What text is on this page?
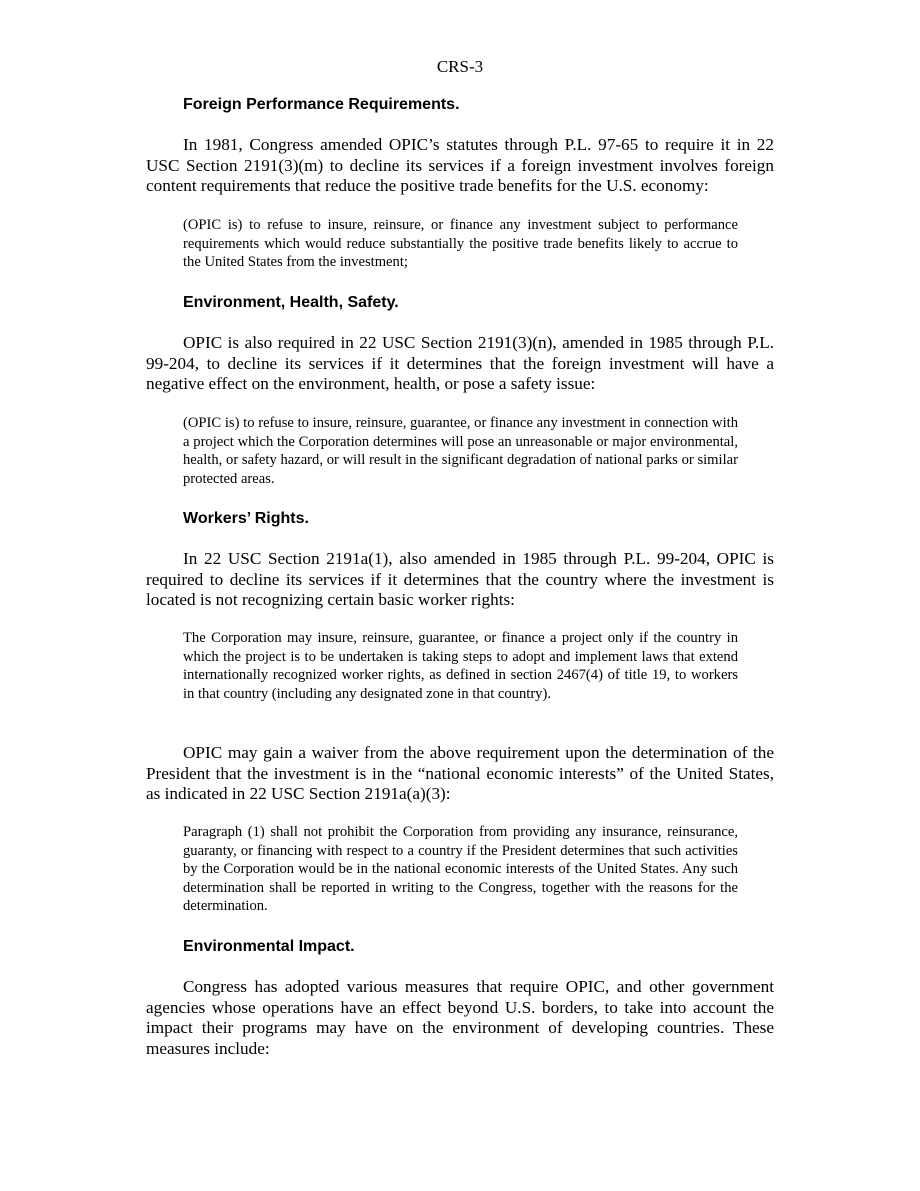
CRS-3
Foreign Performance Requirements.

In 1981, Congress amended OPIC’s statutes through P.L. 97-65 to require it in 22 USC Section 2191(3)(m) to decline its services if a foreign investment involves foreign content requirements that reduce the positive trade benefits for the U.S. economy:

(OPIC is) to refuse to insure, reinsure, or finance any investment subject to performance requirements which would reduce substantially the positive trade benefits likely to accrue to the United States from the investment;

Environment, Health, Safety.

OPIC is also required in 22 USC Section 2191(3)(n), amended in 1985 through P.L. 99-204, to decline its services if it determines that the foreign investment will have a negative effect on the environment, health, or pose a safety issue:

(OPIC is) to refuse to insure, reinsure, guarantee, or finance any investment in connection with a project which the Corporation determines will pose an unreasonable or major environmental, health, or safety hazard, or will result in the significant degradation of national parks or similar protected areas.

Workers’ Rights.

In 22 USC Section 2191a(1), also amended in 1985 through P.L. 99-204, OPIC is required to decline its services if it determines that the country where the investment is located is not recognizing certain basic worker rights:

The Corporation may insure, reinsure, guarantee, or finance a project only if the country in which the project is to be undertaken is taking steps to adopt and implement laws that extend internationally recognized worker rights, as defined in section 2467(4) of title 19, to workers in that country (including any designated zone in that country).

OPIC may gain a waiver from the above requirement upon the determination of the President that the investment is in the “national economic interests” of the United States, as indicated in 22 USC Section 2191a(a)(3):

Paragraph (1) shall not prohibit the Corporation from providing any insurance, reinsurance, guaranty, or financing with respect to a country if the President determines that such activities by the Corporation would be in the national economic interests of the United States. Any such determination shall be reported in writing to the Congress, together with the reasons for the determination.

Environmental Impact.

Congress has adopted various measures that require OPIC, and other government agencies whose operations have an effect beyond U.S. borders, to take into account the impact their programs may have on the environment of developing countries. These measures include:
